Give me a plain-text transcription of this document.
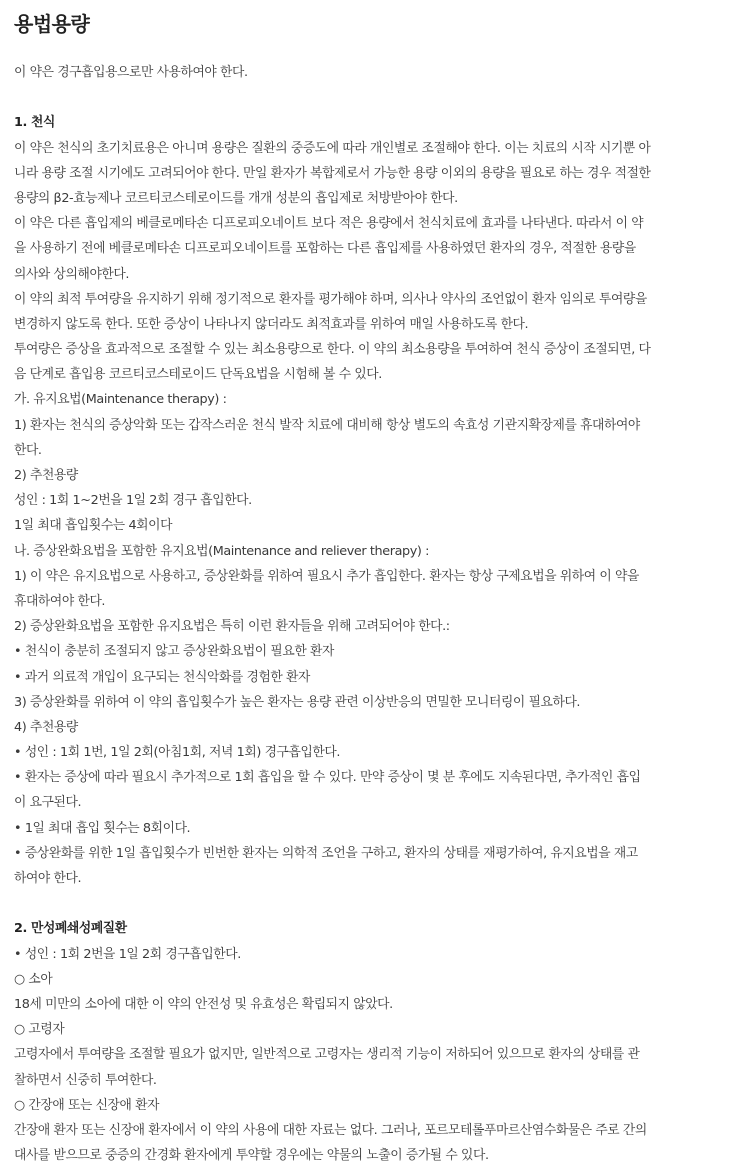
용법용량
이 약은 경구흡입용으로만 사용하여야 한다.
1. 천식
이 약은 천식의 초기치료용은 아니며 용량은 질환의 중증도에 따라 개인별로 조절해야 한다. 이는 치료의 시작 시기뿐 아
니라 용량 조절 시기에도 고려되어야 한다. 만일 환자가 복합제로서 가능한 용량 이외의 용량을 필요로 하는 경우 적절한
용량의 β2-효능제나 코르티코스테로이드를 개개 성분의 흡입제로 처방받아야 한다.
이 약은 다른 흡입제의 베클로메타손 디프로피오네이트 보다 적은 용량에서 천식치료에 효과를 나타낸다. 따라서 이 약
을 사용하기 전에 베클로메타손 디프로피오네이트를 포함하는 다른 흡입제를 사용하였던 환자의 경우, 적절한 용량을
의사와 상의해야한다.
이 약의 최적 투여량을 유지하기 위해 정기적으로 환자를 평가해야 하며, 의사나 약사의 조언없이 환자 임의로 투여량을
변경하지 않도록 한다. 또한 증상이 나타나지 않더라도 최적효과를 위하여 매일 사용하도록 한다.
투여량은 증상을 효과적으로 조절할 수 있는 최소용량으로 한다. 이 약의 최소용량을 투여하여 천식 증상이 조절되면, 다
음 단계로 흡입용 코르티코스테로이드 단독요법을 시험해 볼 수 있다.
가. 유지요법(Maintenance therapy) :
1) 환자는 천식의 증상악화 또는 갑작스러운 천식 발작 치료에 대비해 항상 별도의 속효성 기관지확장제를 휴대하여야
한다.
2) 추천용량
성인 : 1회 1~2번을 1일 2회 경구 흡입한다.
1일 최대 흡입횟수는 4회이다
나. 증상완화요법을 포함한 유지요법(Maintenance and reliever therapy) :
1) 이 약은 유지요법으로 사용하고, 증상완화를 위하여 필요시 추가 흡입한다. 환자는 항상 구제요법을 위하여 이 약을
휴대하여야 한다.
2) 증상완화요법을 포함한 유지요법은 특히 이런 환자들을 위해 고려되어야 한다.:
• 천식이 충분히 조절되지 않고 증상완화요법이 필요한 환자
• 과거 의료적 개입이 요구되는 천식악화를 경험한 환자
3) 증상완화를 위하여 이 약의 흡입횟수가 높은 환자는 용량 관련 이상반응의 면밀한 모니터링이 필요하다.
4) 추천용량
• 성인 : 1회 1번, 1일 2회(아침1회, 저녁 1회) 경구흡입한다.
• 환자는 증상에 따라 필요시 추가적으로 1회 흡입을 할 수 있다. 만약 증상이 몇 분 후에도 지속된다면, 추가적인 흡입
이 요구된다.
• 1일 최대 흡입 횟수는 8회이다.
• 증상완화를 위한 1일 흡입횟수가 빈번한 환자는 의학적 조언을 구하고, 환자의 상태를 재평가하여, 유지요법을 재고
하여야 한다.
2. 만성폐쇄성폐질환
• 성인 : 1회 2번을 1일 2회 경구흡입한다.
○ 소아
18세 미만의 소아에 대한 이 약의 안전성 및 유효성은 확립되지 않았다.
○ 고령자
고령자에서 투여량을 조절할 필요가 없지만, 일반적으로 고령자는 생리적 기능이 저하되어 있으므로 환자의 상태를 관
찰하면서 신중히 투여한다.
○ 간장애 또는 신장애 환자
간장애 환자 또는 신장애 환자에서 이 약의 사용에 대한 자료는 없다. 그러나, 포르모테롤푸마르산염수화물은 주로 간의
대사를 받으므로 중증의 간경화 환자에게 투약할 경우에는 약물의 노출이 증가될 수 있다.
